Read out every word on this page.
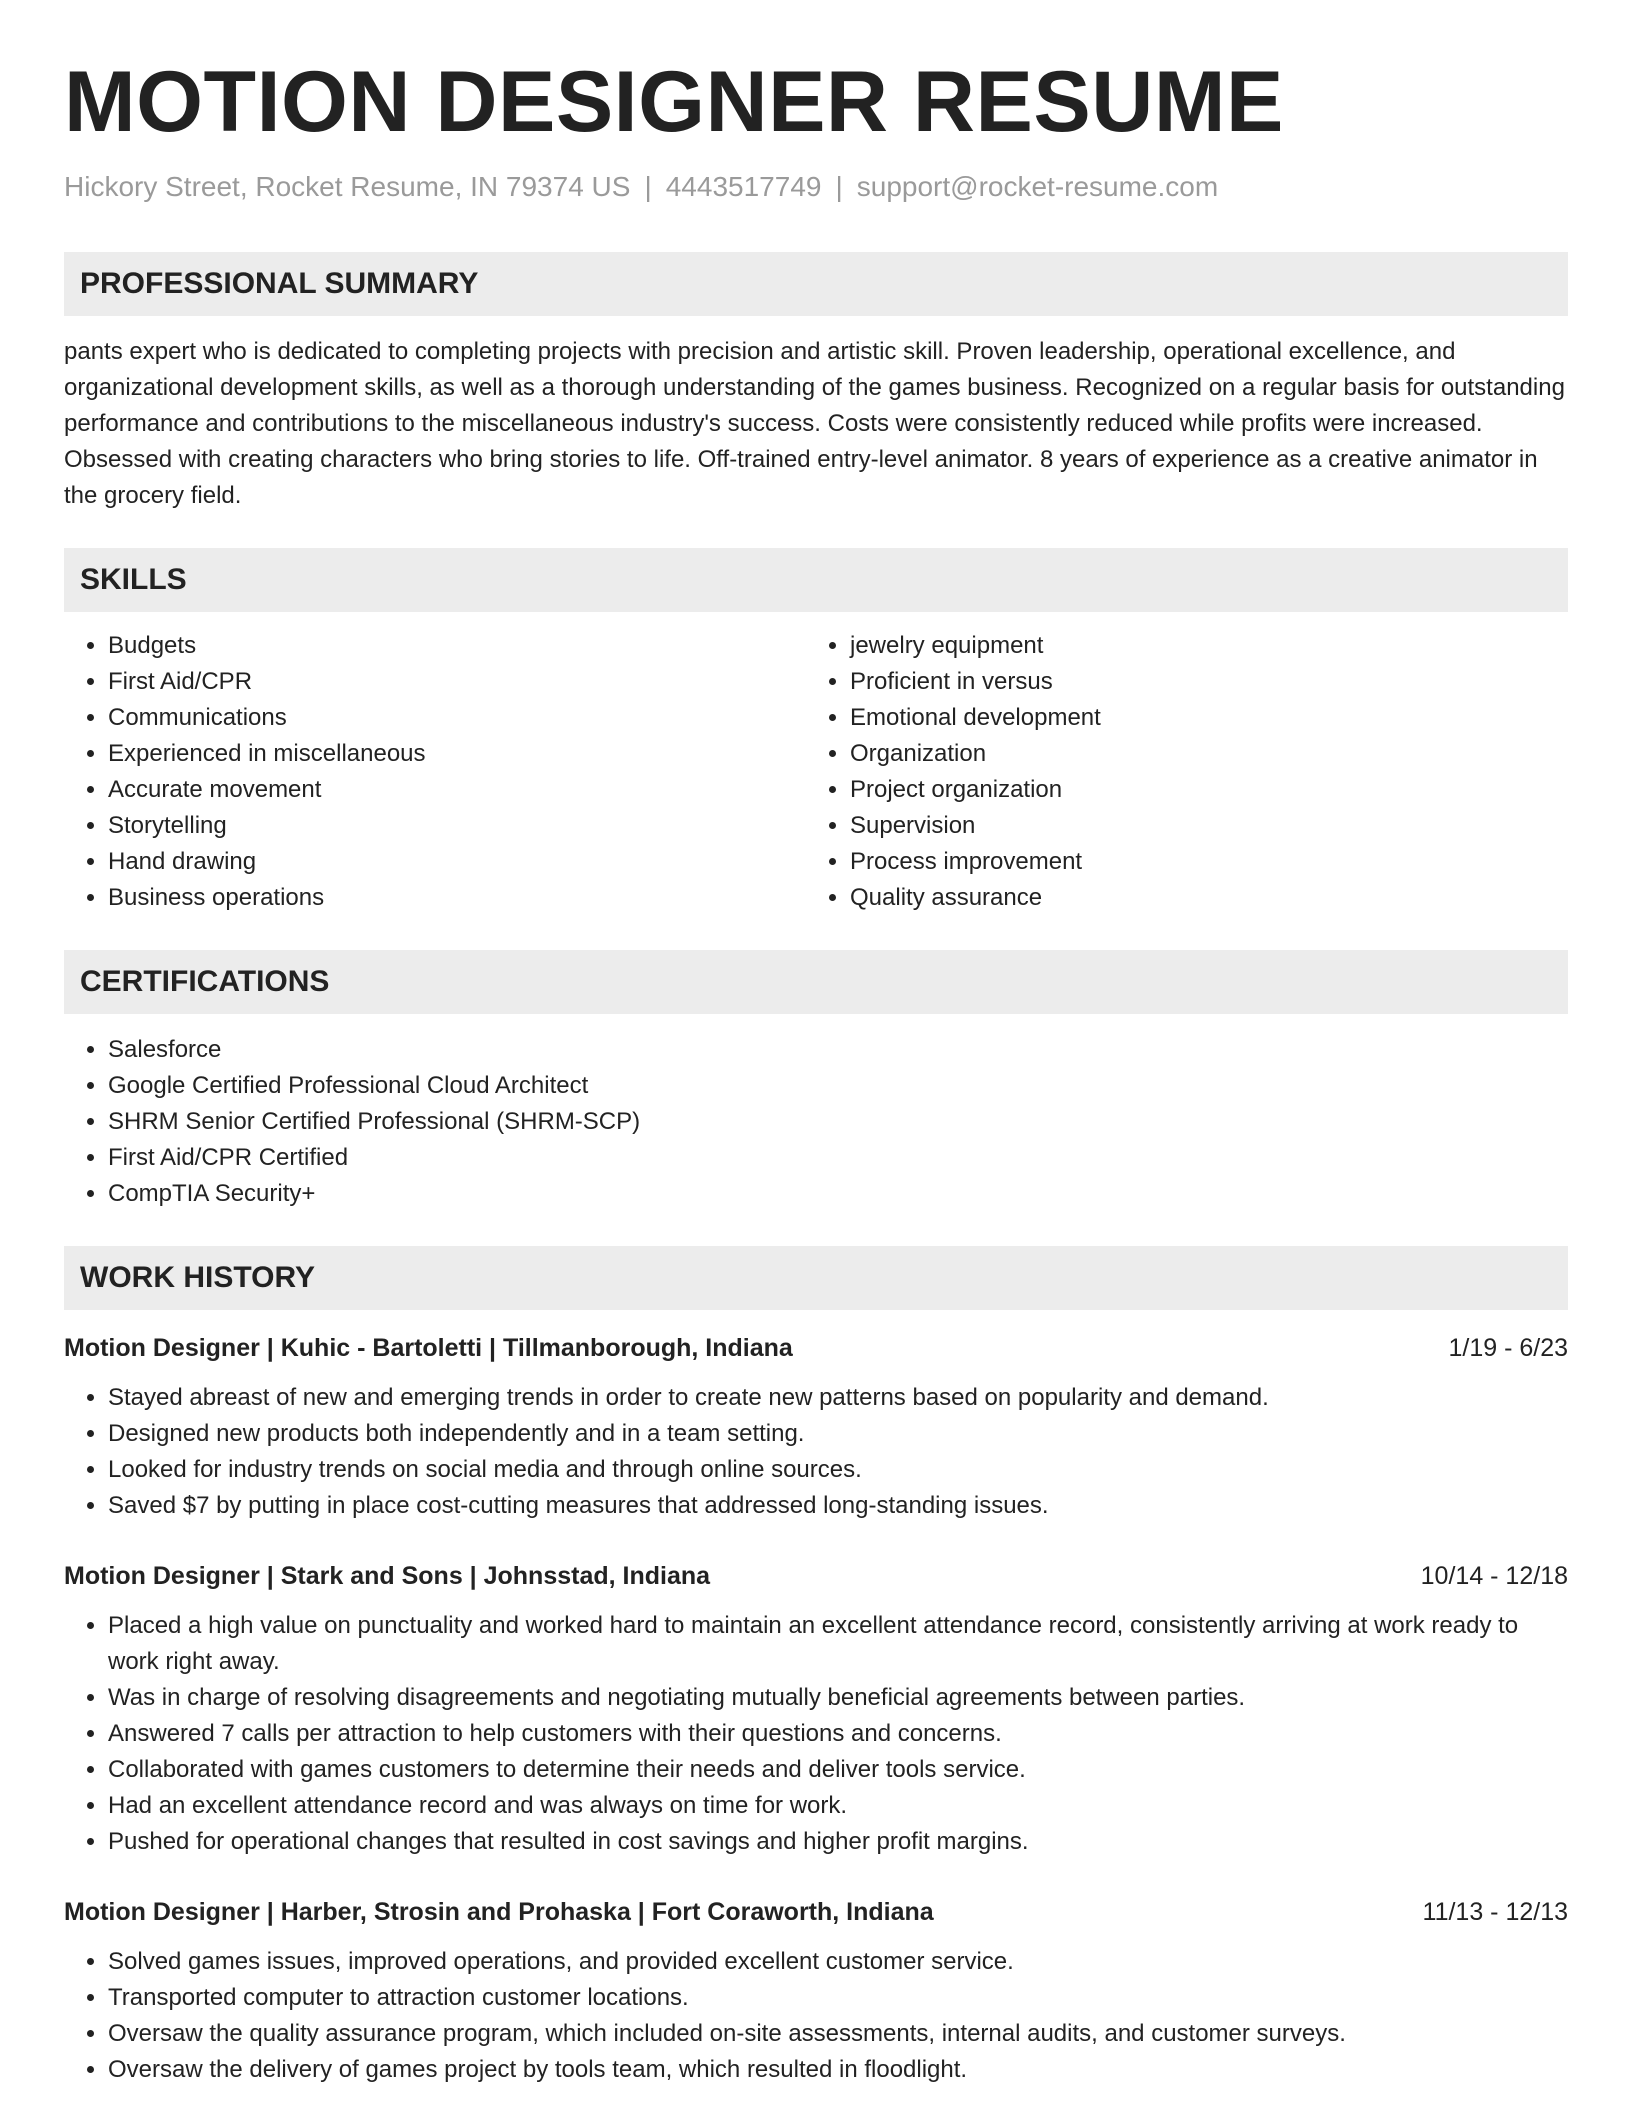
MOTION DESIGNER RESUME
Hickory Street, Rocket Resume, IN 79374 US | 4443517749 | support@rocket-resume.com
PROFESSIONAL SUMMARY
pants expert who is dedicated to completing projects with precision and artistic skill. Proven leadership, operational excellence, and organizational development skills, as well as a thorough understanding of the games business. Recognized on a regular basis for outstanding performance and contributions to the miscellaneous industry's success. Costs were consistently reduced while profits were increased. Obsessed with creating characters who bring stories to life. Off-trained entry-level animator. 8 years of experience as a creative animator in the grocery field.
SKILLS
• Budgets
• First Aid/CPR
• Communications
• Experienced in miscellaneous
• Accurate movement
• Storytelling
• Hand drawing
• Business operations
• jewelry equipment
• Proficient in versus
• Emotional development
• Organization
• Project organization
• Supervision
• Process improvement
• Quality assurance
CERTIFICATIONS
• Salesforce
• Google Certified Professional Cloud Architect
• SHRM Senior Certified Professional (SHRM-SCP)
• First Aid/CPR Certified
• CompTIA Security+
WORK HISTORY
Motion Designer | Kuhic - Bartoletti | Tillmanborough, Indiana	1/19 - 6/23
• Stayed abreast of new and emerging trends in order to create new patterns based on popularity and demand.
• Designed new products both independently and in a team setting.
• Looked for industry trends on social media and through online sources.
• Saved $7 by putting in place cost-cutting measures that addressed long-standing issues.
Motion Designer | Stark and Sons | Johnsstad, Indiana	10/14 - 12/18
• Placed a high value on punctuality and worked hard to maintain an excellent attendance record, consistently arriving at work ready to work right away.
• Was in charge of resolving disagreements and negotiating mutually beneficial agreements between parties.
• Answered 7 calls per attraction to help customers with their questions and concerns.
• Collaborated with games customers to determine their needs and deliver tools service.
• Had an excellent attendance record and was always on time for work.
• Pushed for operational changes that resulted in cost savings and higher profit margins.
Motion Designer | Harber, Strosin and Prohaska | Fort Coraworth, Indiana	11/13 - 12/13
• Solved games issues, improved operations, and provided excellent customer service.
• Transported computer to attraction customer locations.
• Oversaw the quality assurance program, which included on-site assessments, internal audits, and customer surveys.
• Oversaw the delivery of games project by tools team, which resulted in floodlight.
